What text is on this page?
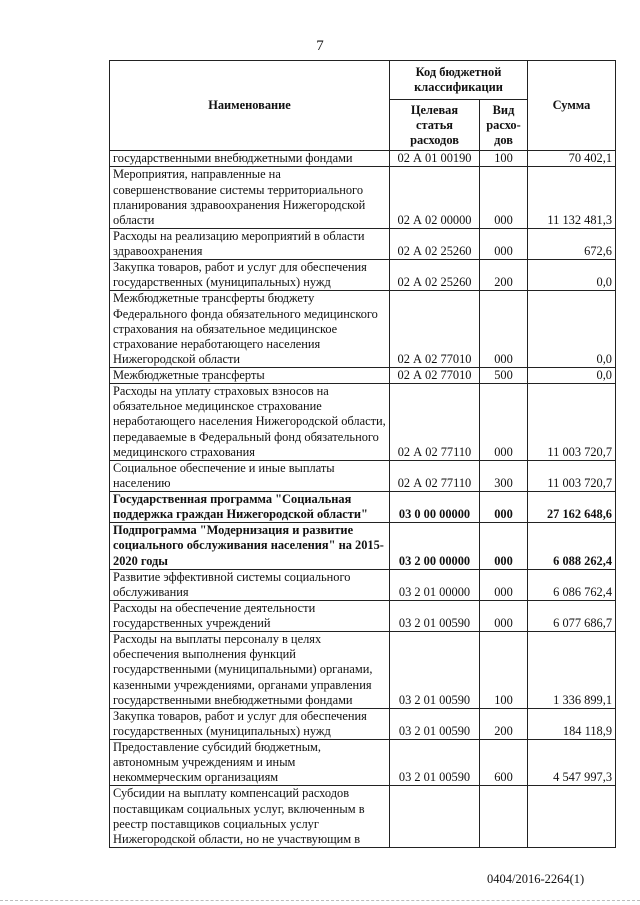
7
Наименование	Код бюджетной классификации		Сумма
	Целевая статья расходов	Вид расхо-дов	
государственными внебюджетными фондами	02 А 01 00190	100	70 402,1
Мероприятия, направленные на совершенствование системы территориального планирования здравоохранения Нижегородской области	02 А 02 00000	000	11 132 481,3
Расходы на реализацию мероприятий в области здравоохранения	02 А 02 25260	000	672,6
Закупка товаров, работ и услуг для обеспечения государственных (муниципальных) нужд	02 А 02 25260	200	0,0
Межбюджетные трансферты бюджету Федерального фонда обязательного медицинского страхования на обязательное медицинское страхование неработающего населения Нижегородской области	02 А 02 77010	000	0,0
Межбюджетные трансферты	02 А 02 77010	500	0,0
Расходы на уплату страховых взносов на обязательное медицинское страхование неработающего населения Нижегородской области, передаваемые в Федеральный фонд обязательного медицинского страхования	02 А 02 77110	000	11 003 720,7
Социальное обеспечение и иные выплаты населению	02 А 02 77110	300	11 003 720,7
Государственная программа "Социальная поддержка граждан Нижегородской области"	03 0 00 00000	000	27 162 648,6
Подпрограмма "Модернизация и развитие социального обслуживания населения" на 2015-2020 годы	03 2 00 00000	000	6 088 262,4
Развитие эффективной системы социального обслуживания	03 2 01 00000	000	6 086 762,4
Расходы на обеспечение деятельности государственных учреждений	03 2 01 00590	000	6 077 686,7
Расходы на выплаты персоналу в целях обеспечения выполнения функций государственными (муниципальными) органами, казенными учреждениями, органами управления государственными внебюджетными фондами	03 2 01 00590	100	1 336 899,1
Закупка товаров, работ и услуг для обеспечения государственных (муниципальных) нужд	03 2 01 00590	200	184 118,9
Предоставление субсидий бюджетным, автономным учреждениям и иным некоммерческим организациям	03 2 01 00590	600	4 547 997,3
Субсидии на выплату компенсаций расходов поставщикам социальных услуг, включенным в реестр поставщиков социальных услуг Нижегородской области, но не участвующим в			
0404/2016-2264(1)
